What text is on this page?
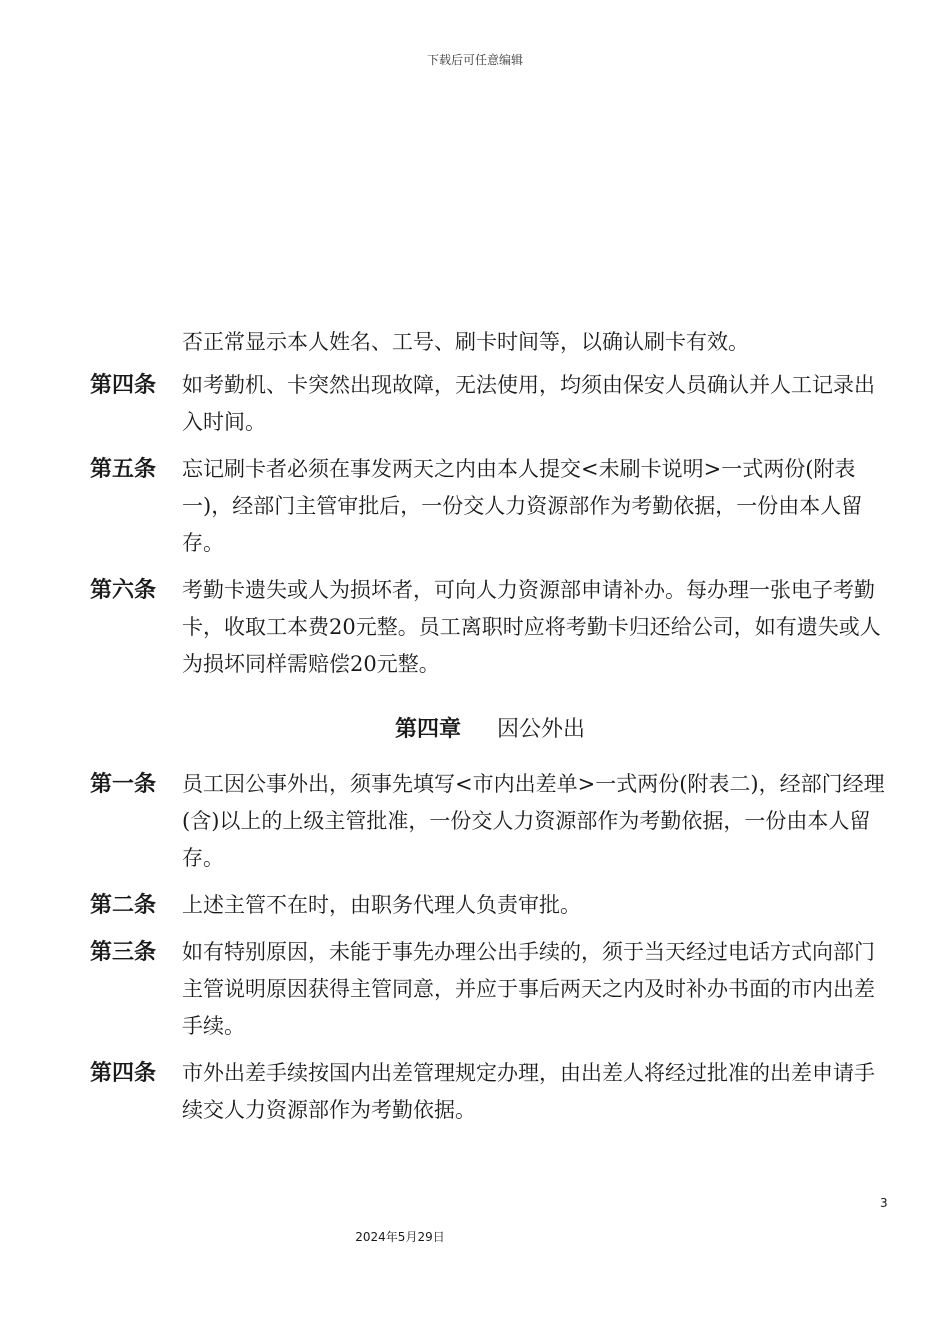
下载后可任意编辑
否正常显示本人姓名、工号、刷卡时间等，以确认刷卡有效。
第四条	如考勤机、卡突然出现故障，无法使用，均须由保安人员确认并人工记录出入时间。
第五条	忘记刷卡者必须在事发两天之内由本人提交<未刷卡说明>一式两份(附表一)，经部门主管审批后，一份交人力资源部作为考勤依据，一份由本人留存。
第六条	考勤卡遗失或人为损坏者，可向人力资源部申请补办。每办理一张电子考勤卡，收取工本费20元整。员工离职时应将考勤卡归还给公司，如有遗失或人为损坏同样需赔偿20元整。
第四章 因公外出
第一条	员工因公事外出，须事先填写<市内出差单>一式两份(附表二)，经部门经理(含)以上的上级主管批准，一份交人力资源部作为考勤依据，一份由本人留存。
第二条	上述主管不在时，由职务代理人负责审批。
第三条	如有特别原因，未能于事先办理公出手续的，须于当天经过电话方式向部门主管说明原因获得主管同意，并应于事后两天之内及时补办书面的市内出差手续。
第四条	市外出差手续按国内出差管理规定办理，由出差人将经过批准的出差申请手续交人力资源部作为考勤依据。
3
2024年5月29日
